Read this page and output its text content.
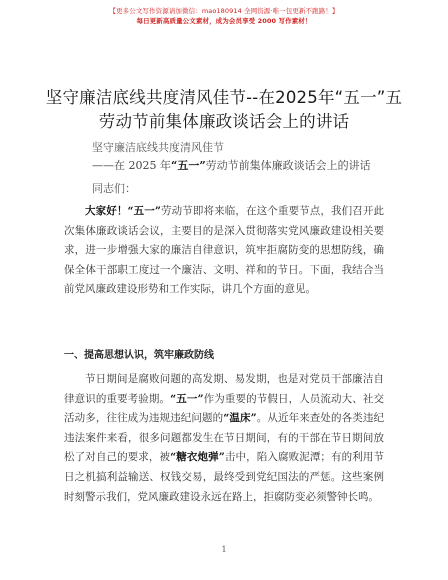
【更多公文写作资源请加微信：mao180914 全网资源·唯一包更新不跑路！】
每日更新高质量公文素材，成为会员享受 2000 写作素材！
坚守廉洁底线共度清风佳节--在2025年“五一”五劳动节前集体廉政谈话会上的讲话
坚守廉洁底线共度清风佳节
——在 2025 年“五一”劳动节前集体廉政谈话会上的讲话
同志们：
大家好！“五一”劳动节即将来临，在这个重要节点，我们召开此次集体廉政谈话会议，主要目的是深入贯彻落实党风廉政建设相关要求，进一步增强大家的廉洁自律意识，筑牢拒腐防变的思想防线，确保全体干部职工度过一个廉洁、文明、祥和的节日。下面，我结合当前党风廉政建设形势和工作实际，讲几个方面的意见。
一、提高思想认识，筑牢廉政防线
节日期间是腐败问题的高发期、易发期，也是对党员干部廉洁自律意识的重要考验期。“五一”作为重要的节假日，人员流动大、社交活动多，往往成为违规违纪问题的“温床”。从近年来查处的各类违纪违法案件来看，很多问题都发生在节日期间，有的干部在节日期间放松了对自己的要求，被“糖衣炮弹”击中，陷入腐败泥潭；有的利用节日之机搞利益输送、权钱交易，最终受到党纪国法的严惩。这些案例时刻警示我们，党风廉政建设永远在路上，拒腐防变必须警钟长鸣。
1
